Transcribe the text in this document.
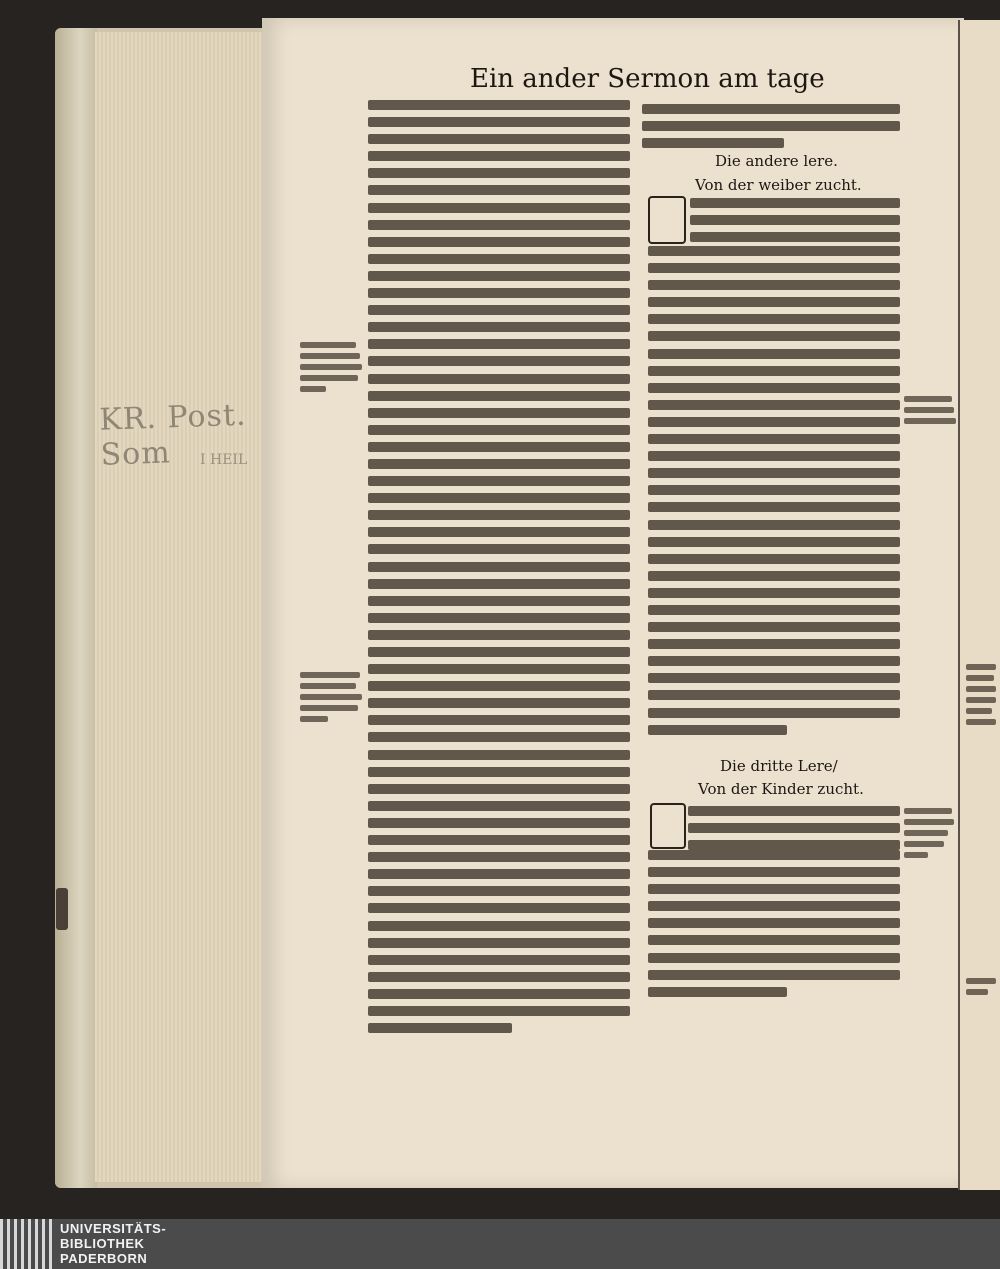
KR. Post. Som	I HEIL
Ein ander Sermon am tage
Die andere lere.
Von der weiber zucht.
Die dritte Lere/
Von der Kinder zucht.
UNIVERSITÄTS-
BIBLIOTHEK
PADERBORN
